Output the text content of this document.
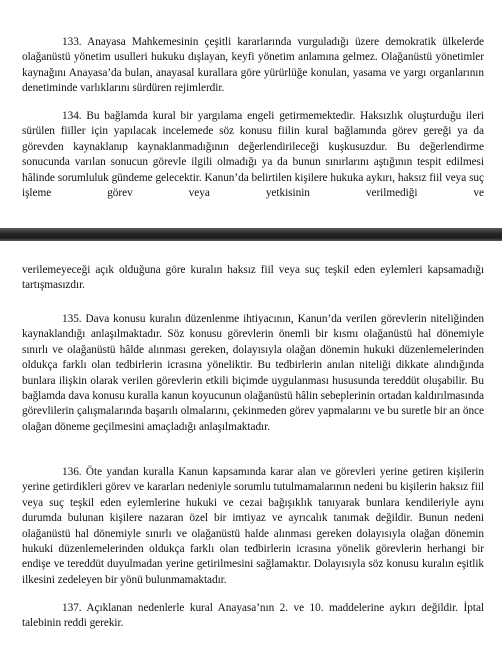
133. Anayasa Mahkemesinin çeşitli kararlarında vurguladığı üzere demokratik ülkelerde olağanüstü yönetim usulleri hukuku dışlayan, keyfi yönetim anlamına gelmez. Olağanüstü yönetimler kaynağını Anayasa’da bulan, anayasal kurallara göre yürürlüğe konulan, yasama ve yargı organlarının denetiminde varlıklarını sürdüren rejimlerdir.

134. Bu bağlamda kural bir yargılama engeli getirmemektedir. Haksızlık oluşturduğu ileri sürülen fiiller için yapılacak incelemede söz konusu fiilin kural bağlamında görev gereği ya da görevden kaynaklanıp kaynaklanmadığının değerlendirileceği kuşkusuzdur. Bu değerlendirme sonucunda varılan sonucun görevle ilgili olmadığı ya da bunun sınırlarını aştığının tespit edilmesi hâlinde sorumluluk gündeme gelecektir. Kanun’da belirtilen kişilere hukuka aykırı, haksız fiil veya suç işleme görev veya yetkisinin verilmediği ve

verilemeyeceği açık olduğuna göre kuralın haksız fiil veya suç teşkil eden eylemleri kapsamadığı tartışmasızdır.

135. Dava konusu kuralın düzenlenme ihtiyacının, Kanun’da verilen görevlerin niteliğinden kaynaklandığı anlaşılmaktadır. Söz konusu görevlerin önemli bir kısmı olağanüstü hal dönemiyle sınırlı ve olağanüstü hâlde alınması gereken, dolayısıyla olağan dönemin hukuki düzenlemelerinden oldukça farklı olan tedbirlerin icrasına yöneliktir. Bu tedbirlerin anılan niteliği dikkate alındığında bunlara ilişkin olarak verilen görevlerin etkili biçimde uygulanması hususunda tereddüt oluşabilir. Bu bağlamda dava konusu kuralla kanun koyucunun olağanüstü hâlin sebeplerinin ortadan kaldırılmasında görevlilerin çalışmalarında başarılı olmalarını, çekinmeden görev yapmalarını ve bu suretle bir an önce olağan döneme geçilmesini amaçladığı anlaşılmaktadır.

136. Öte yandan kuralla Kanun kapsamında karar alan ve görevleri yerine getiren kişilerin yerine getirdikleri görev ve kararları nedeniyle sorumlu tutulmamalarının nedeni bu kişilerin haksız fiil veya suç teşkil eden eylemlerine hukuki ve cezai bağışıklık tanıyarak bunlara kendileriyle aynı durumda bulunan kişilere nazaran özel bir imtiyaz ve ayrıcalık tanımak değildir. Bunun nedeni olağanüstü hal dönemiyle sınırlı ve olağanüstü halde alınması gereken dolayısıyla olağan dönemin hukuki düzenlemelerinden oldukça farklı olan tedbirlerin icrasına yönelik görevlerin herhangi bir endişe ve tereddüt duyulmadan yerine getirilmesini sağlamaktır. Dolayısıyla söz konusu kuralın eşitlik ilkesini zedeleyen bir yönü bulunmamaktadır.

137. Açıklanan nedenlerle kural Anayasa’nın 2. ve 10. maddelerine aykırı değildir. İptal talebinin reddi gerekir.
